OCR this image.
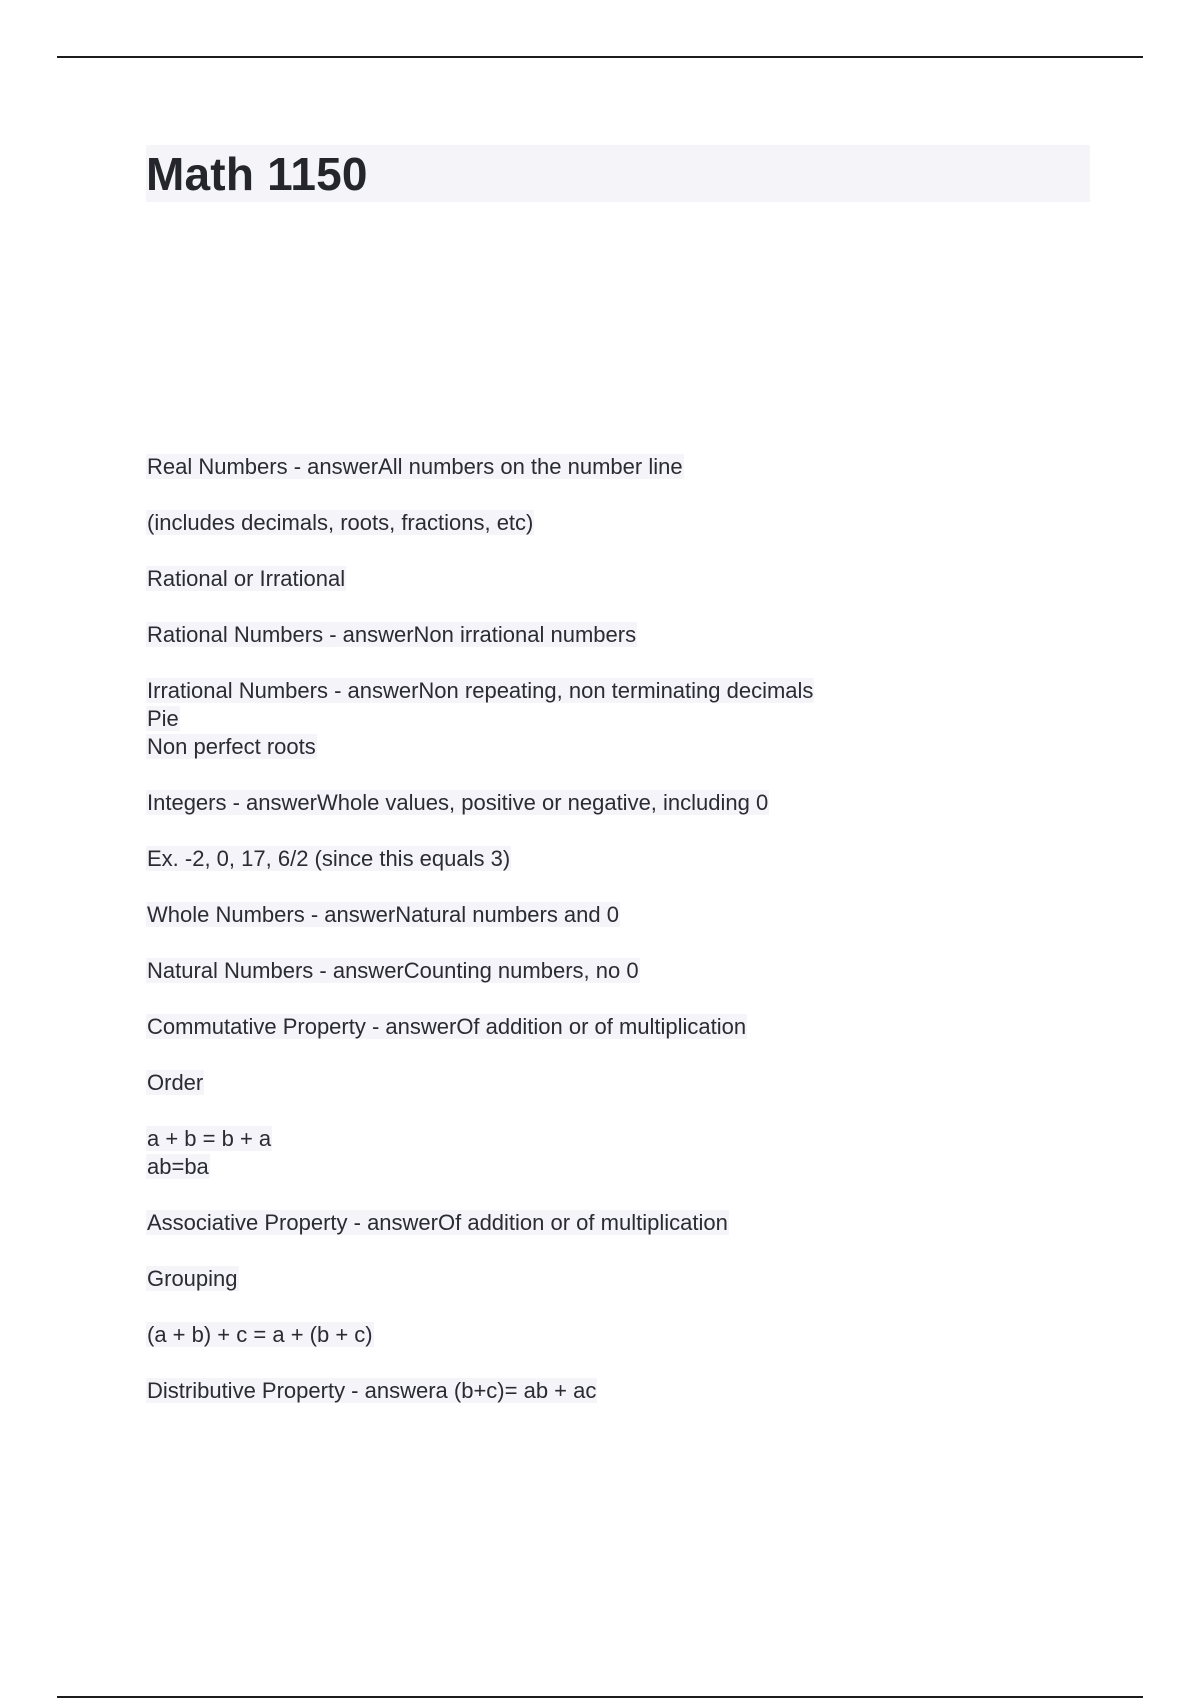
Math 1150

Real Numbers - answerAll numbers on the number line

(includes decimals, roots, fractions, etc)

Rational or Irrational

Rational Numbers - answerNon irrational numbers

Irrational Numbers - answerNon repeating, non terminating decimals
Pie
Non perfect roots

Integers - answerWhole values, positive or negative, including 0

Ex. -2, 0, 17, 6/2 (since this equals 3)

Whole Numbers - answerNatural numbers and 0

Natural Numbers - answerCounting numbers, no 0

Commutative Property - answerOf addition or of multiplication

Order

a + b = b + a
ab=ba

Associative Property - answerOf addition or of multiplication

Grouping

(a + b) + c = a + (b + c)

Distributive Property - answera (b+c)= ab + ac
